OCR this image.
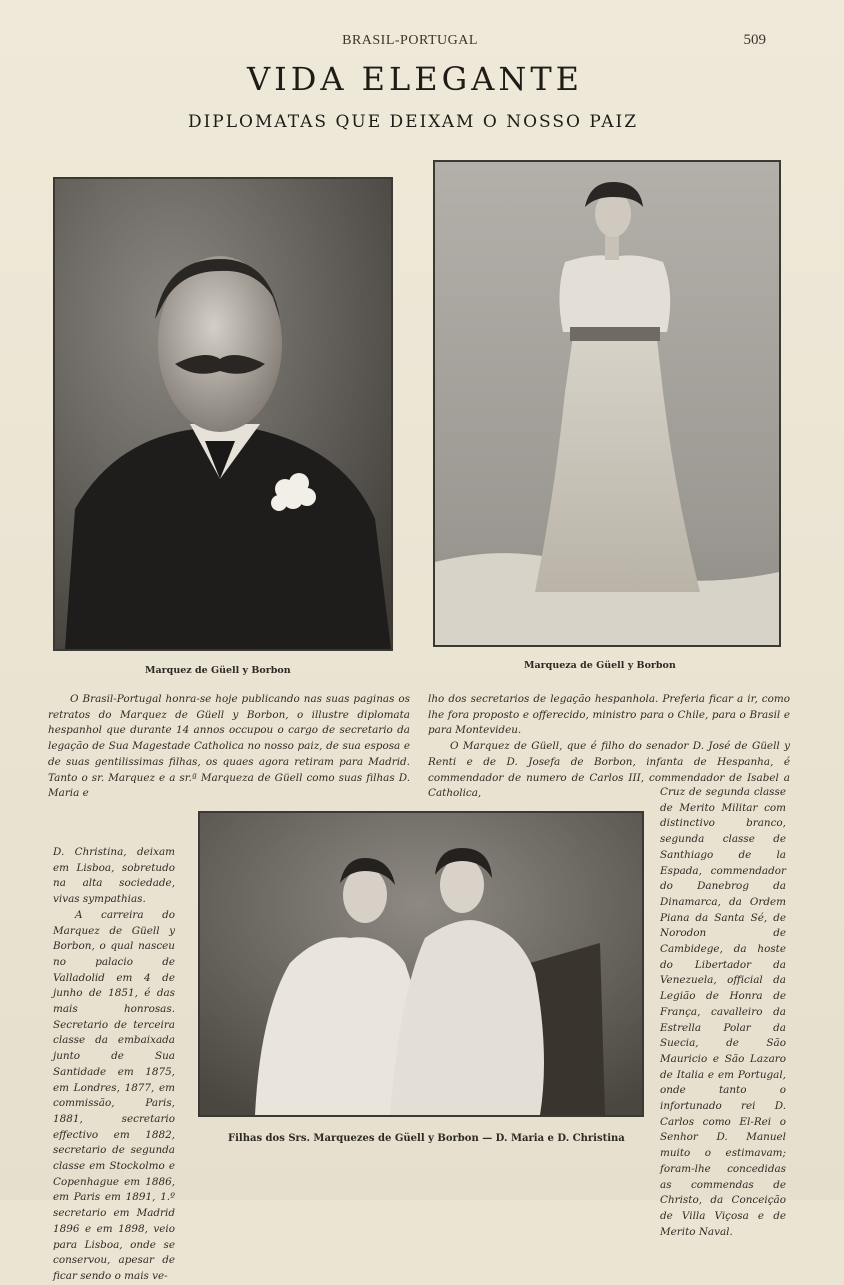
BRASIL-PORTUGAL	509
VIDA ELEGANTE
DIPLOMATAS QUE DEIXAM O NOSSO PAIZ
Marquez de Güell y Borbon	Marqueza de Güell y Borbon

O Brasil-Portugal honra-se hoje publicando nas suas paginas os retratos do Marquez de Güell y Borbon, o illustre diplomata hespanhol que durante 14 annos occupou o cargo de secretario da legação de Sua Magestade Catholica no nosso paiz, de sua esposa e de suas gentilissimas filhas, os quaes agora retiram para Madrid. Tanto o sr. Marquez e a sr.ª Marqueza de Güell como suas filhas D. Maria e

lho dos secretarios de legação hespanhola. Preferia ficar a ir, como lhe fora proposto e offerecido, ministro para o Chile, para o Brasil e para Montevideu.

O Marquez de Güell, que é filho do senador D. José de Güell y Renti e de D. Josefa de Borbon, infanta de Hespanha, é commendador de numero de Carlos III, commendador de Isabel a Catholica,

D. Christina, deixam em Lisboa, sobretudo na alta sociedade, vivas sympathias.

A carreira do Marquez de Güell y Borbon, o qual nasceu no palacio de Valladolid em 4 de junho de 1851, é das mais honrosas. Secretario de terceira classe da embaixada junto de Sua Santidade em 1875, em Londres, 1877, em commissão, Paris, 1881, secretario effectivo em 1882, secretario de segunda classe em Stockolmo e Copenhague em 1886, em Paris em 1891, 1.º secretario em Madrid 1896 e em 1898, veio para Lisboa, onde se conservou, apesar de ficar sendo o mais ve-

Cruz de segunda classe de Merito Militar com distinctivo branco, segunda classe de Santhiago de la Espada, commendador do Danebrog da Dinamarca, da Ordem Piana da Santa Sé, de Norodon de Cambidege, da hoste do Libertador da Venezuela, official da Legião de Honra de França, cavalleiro da Estrella Polar da Suecia, de São Mauricio e São Lazaro de Italia e em Portugal, onde tanto o infortunado rei D. Carlos como El-Rei o Senhor D. Manuel muito o estimavam; foram-lhe concedidas as commendas de Christo, da Conceição de Villa Viçosa e de Merito Naval.

Filhas dos Srs. Marquezes de Güell y Borbon — D. Maria e D. Christina
